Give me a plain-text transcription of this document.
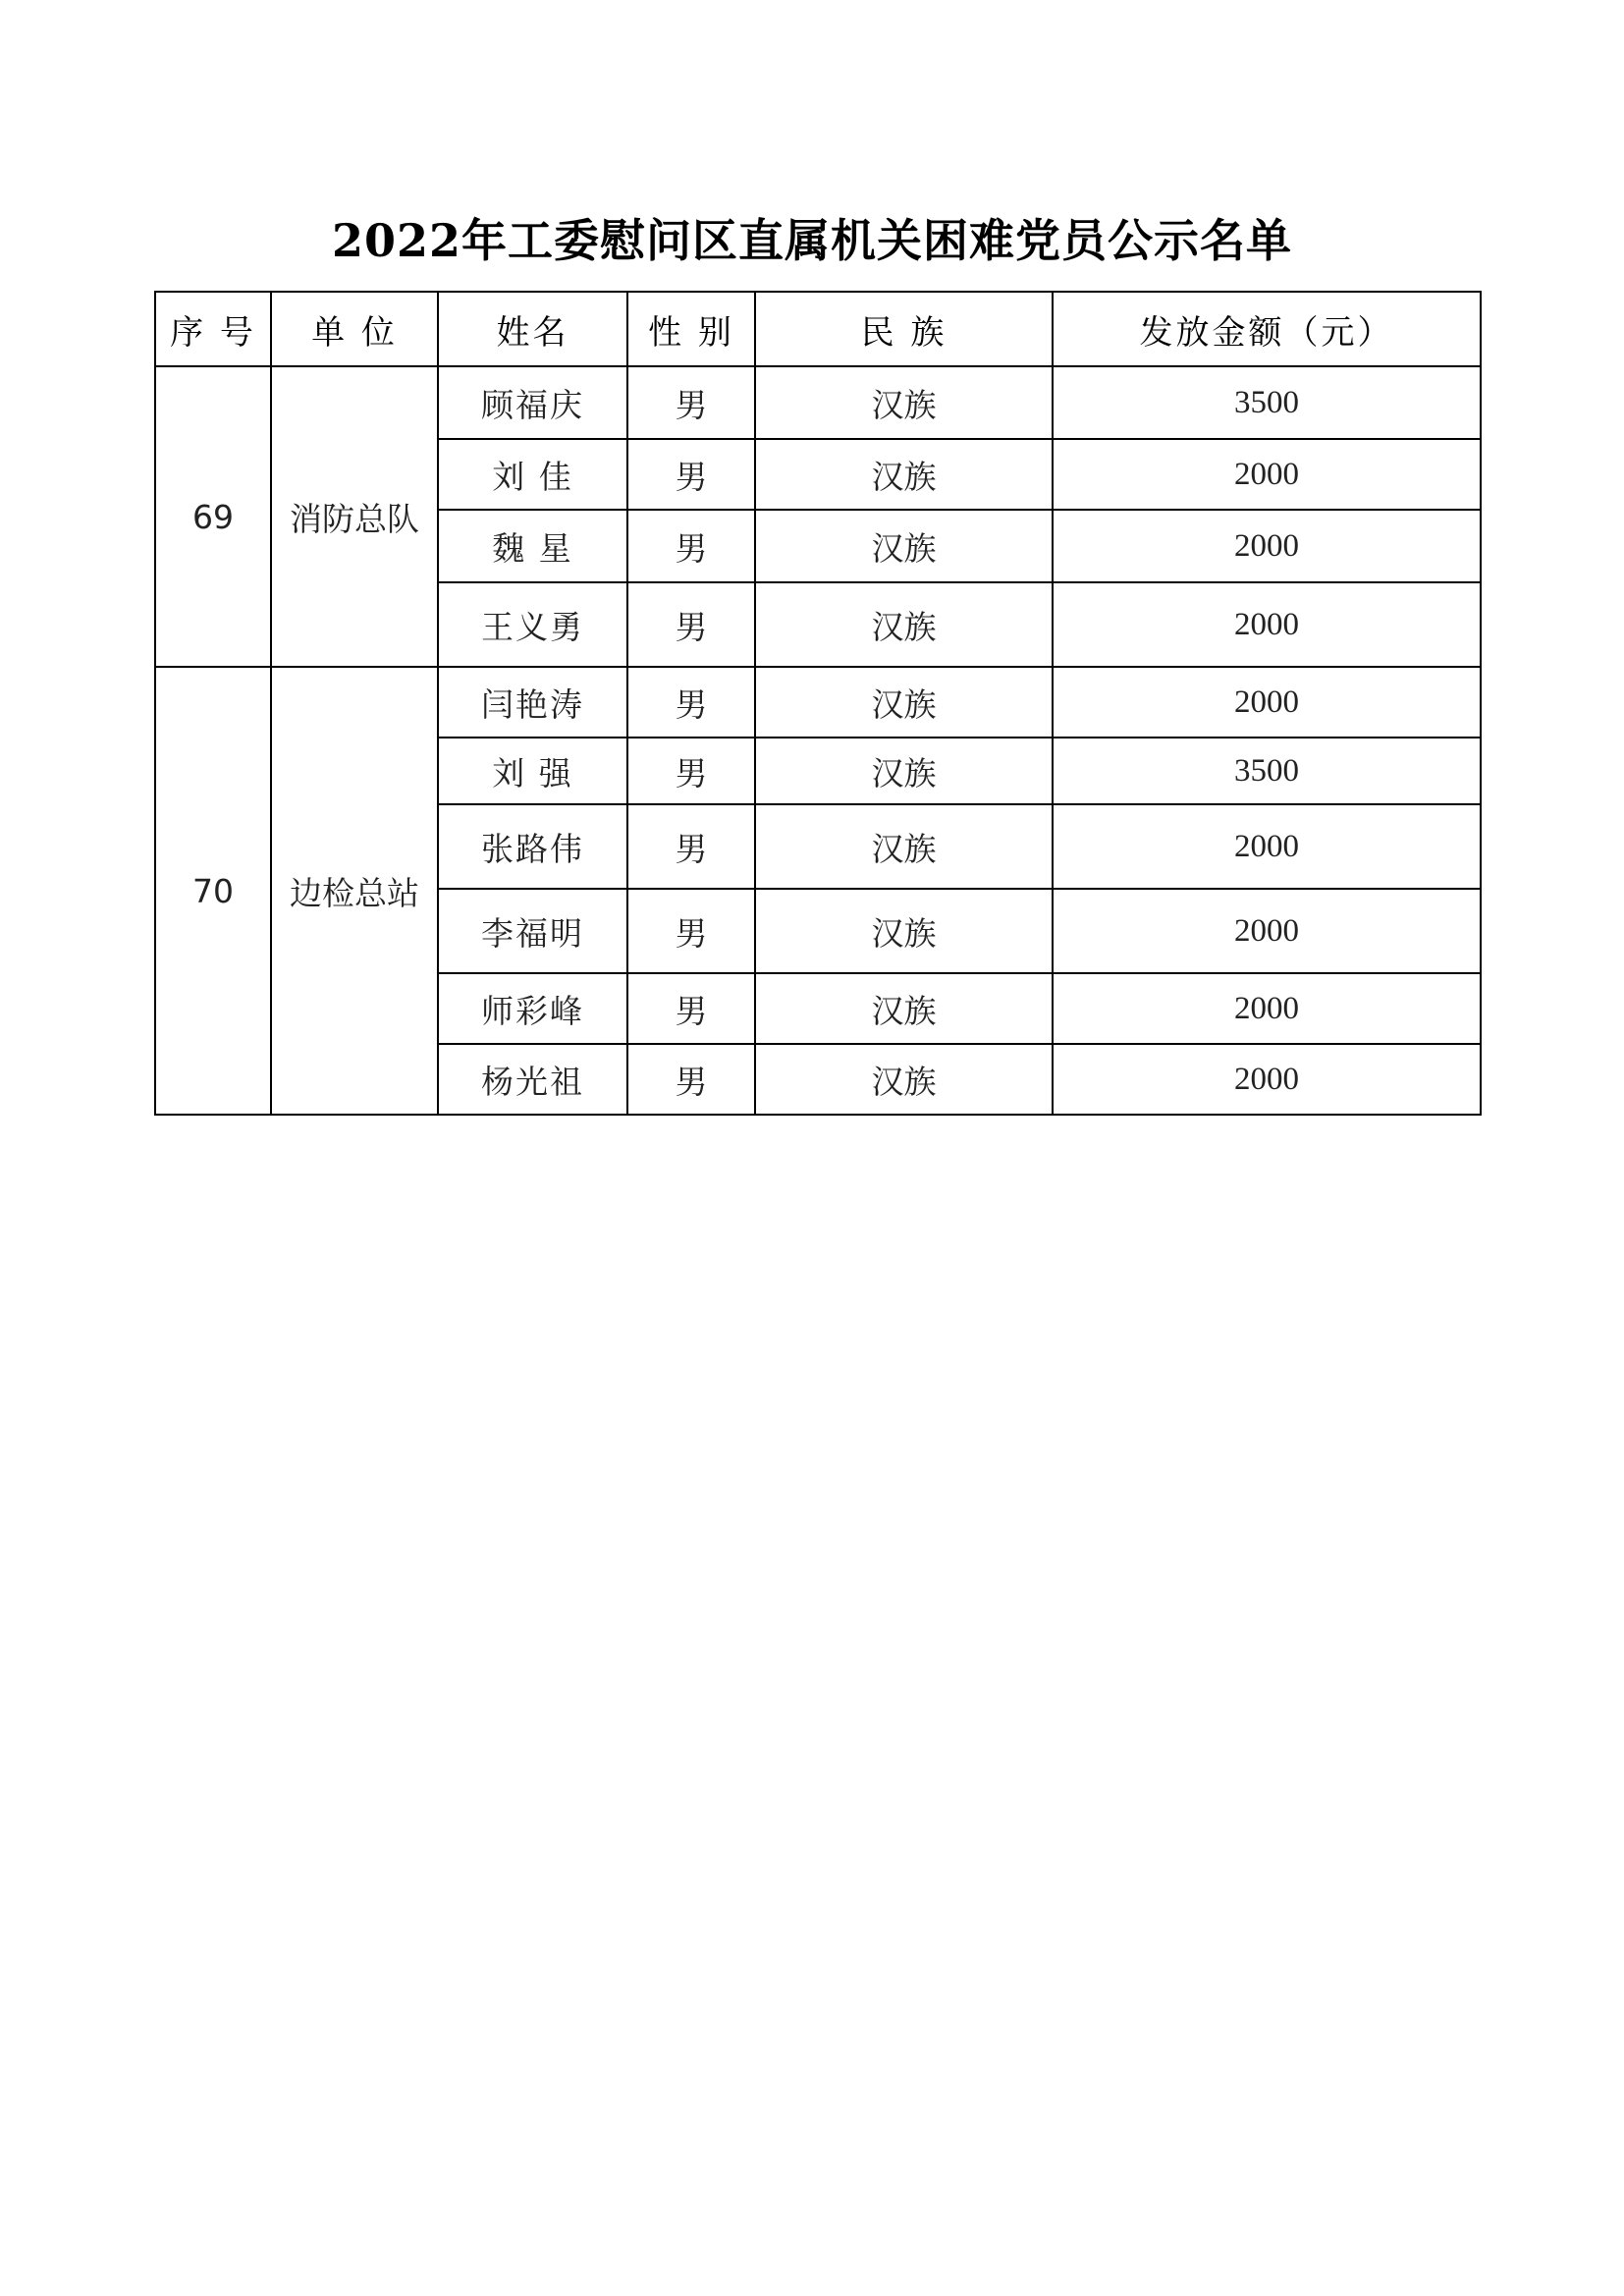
2022年工委慰问区直属机关困难党员公示名单
序 号	单 位	姓名	性 别	民 族	发放金额（元）
69	消防总队	顾福庆	男	汉族	3500
		刘 佳	男	汉族	2000
		魏 星	男	汉族	2000
		王义勇	男	汉族	2000
70	边检总站	闫艳涛	男	汉族	2000
		刘 强	男	汉族	3500
		张路伟	男	汉族	2000
		李福明	男	汉族	2000
		师彩峰	男	汉族	2000
		杨光祖	男	汉族	2000
